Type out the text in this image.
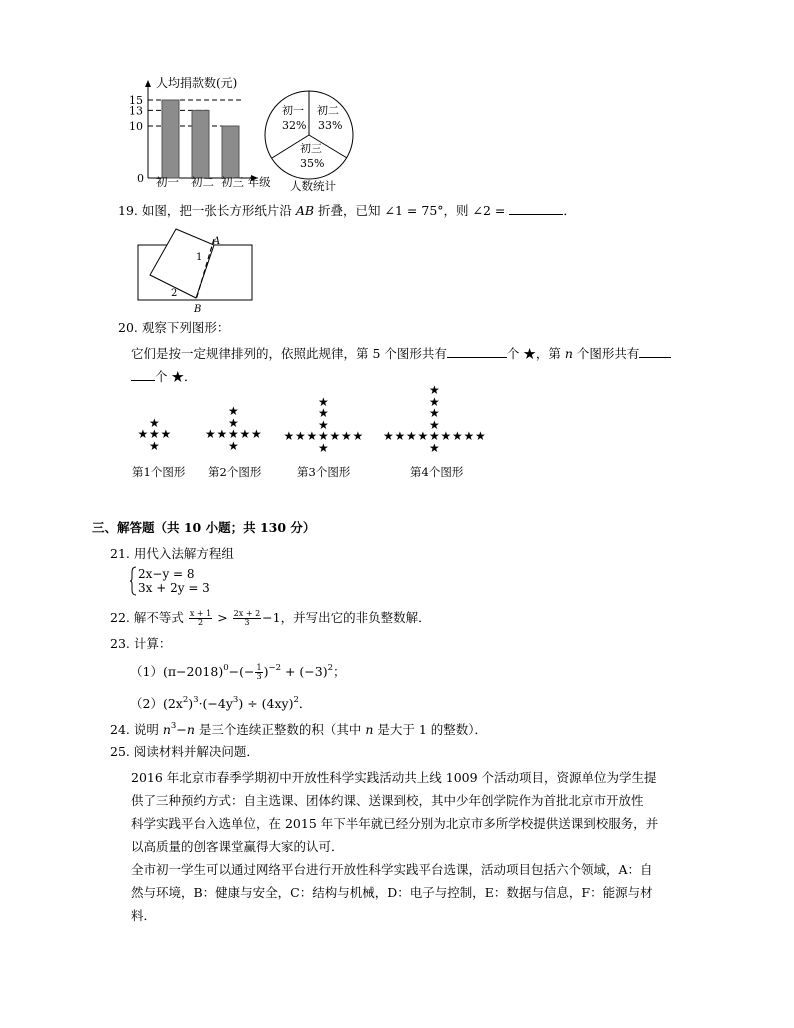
人均捐款数(元)
0
10
13
15
初一 初二 初三 年级
初一
32%
初二
33%
初三
35%
人数统计
19. 如图，把一张长方形纸片沿 AB 折叠，已知 ∠1 = 75°，则 ∠2 =	．
A
B
1
2
20. 观察下列图形：
它们是按一定规律排列的，依照此规律，第 5 个图形共有	个 ★，第 n 个图形共有
个 ★．
★
★ ★
★
★
★
★ ★
★
★	★
★
★
★
★ ★
★
★	★
★
★	★
★
★
★
★ ★
★
★	★
★
★	★
★
★	★
★
★
第1个图形 第2个图形	第3个图形	第4个图形
三、解答题（共 10 小题；共 130 分）
21. 用代入法解方程组
2x−y = 8
3x + 2y = 3
22. 解不等式 $\frac{x + 1}{2} > \frac{2x + 2}{3} -1$，并写出它的非负整数解．
23. 计算：
$(1)(\pi-2018)^0-(- \frac{1}{3} )^{-2} + (-3)^2$；
$(2)(2x^2)^3\cdot(-4y^3) \div (4xy)^2$．
24. 说明 $n^3-n$ 是三个连续正整数的积（其中 n 是大于 1 的整数）．
25. 阅读材料并解决问题．
2016 年北京市春季学期初中开放性科学实践活动共上线 1009 个活动项目，资源单位为学生提
供了三种预约方式：自主选课、团体约课、送课到校，其中少年创学院作为首批北京市开放性
科学实践平台入选单位，在 2015 年下半年就已经分别为北京市多所学校提供送课到校服务，并
以高质量的创客课堂赢得大家的认可．
全市初一学生可以通过网络平台进行开放性科学实践平台选课，活动项目包括六个领域，A：自
然与环境，B：健康与安全，C：结构与机械，D：电子与控制，E：数据与信息，F：能源与材
料．
